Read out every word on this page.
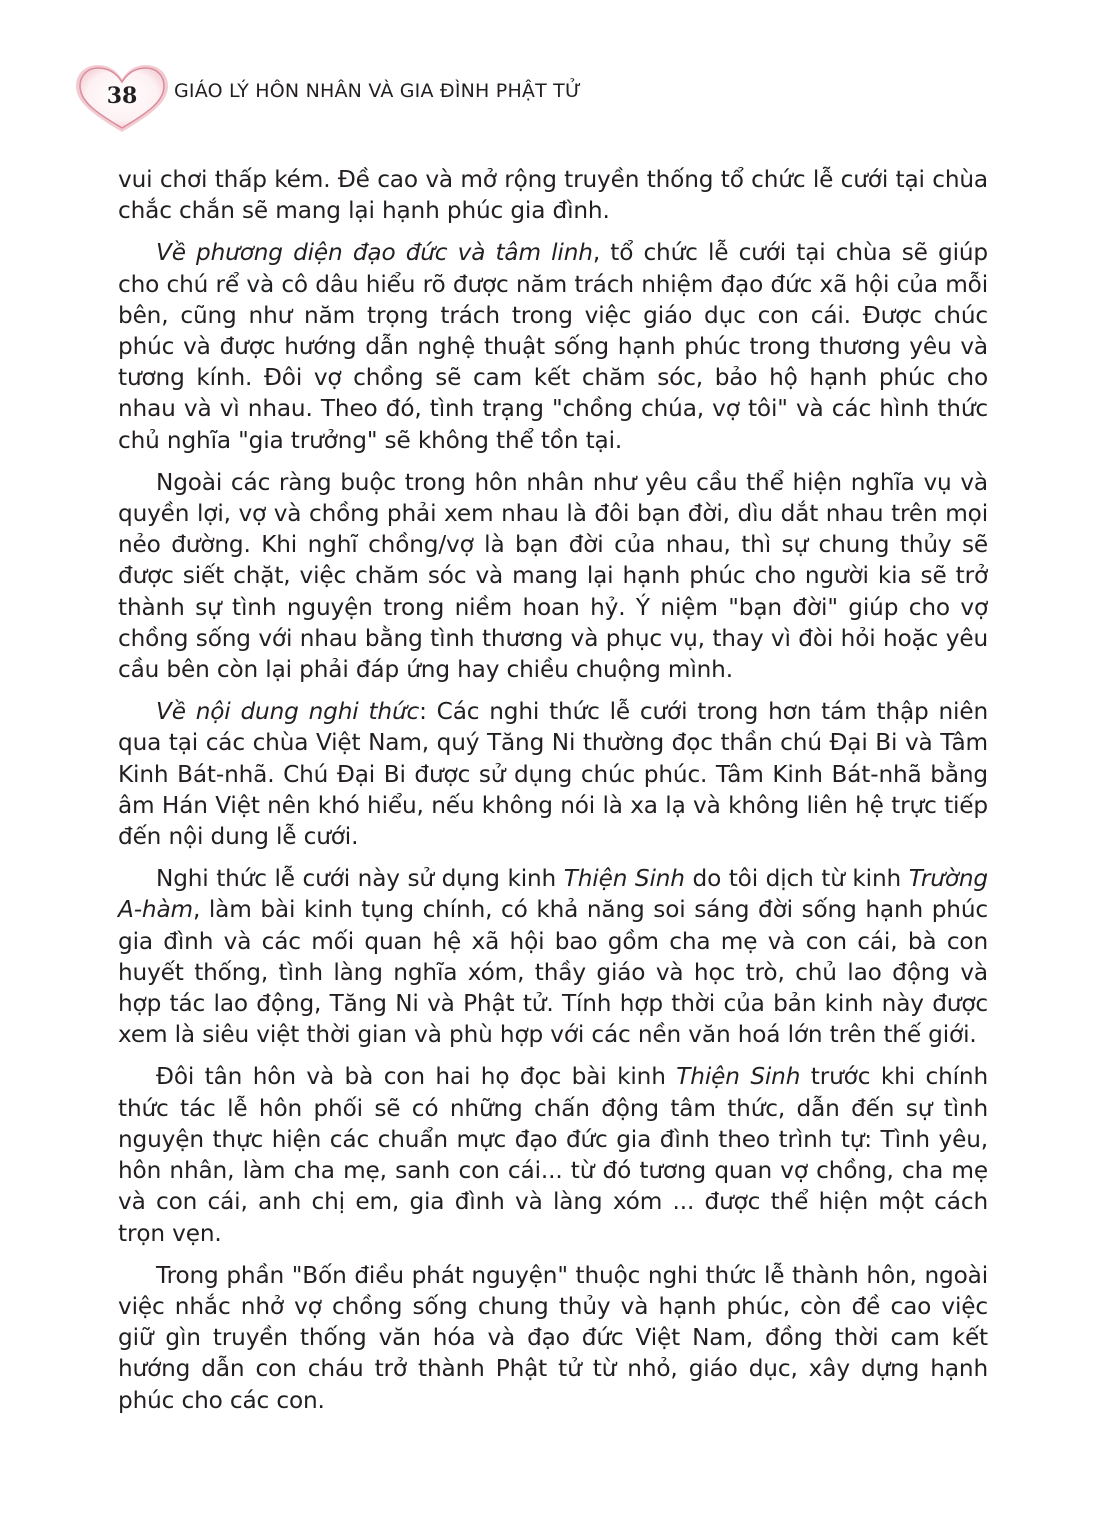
38	GIÁO LÝ HÔN NHÂN VÀ GIA ĐÌNH PHẬT TỬ

vui chơi thấp kém. Đề cao và mở rộng truyền thống tổ chức lễ cưới tại chùa chắc chắn sẽ mang lại hạnh phúc gia đình.

Về phương diện đạo đức và tâm linh, tổ chức lễ cưới tại chùa sẽ giúp cho chú rể và cô dâu hiểu rõ được năm trách nhiệm đạo đức xã hội của mỗi bên, cũng như năm trọng trách trong việc giáo dục con cái. Được chúc phúc và được hướng dẫn nghệ thuật sống hạnh phúc trong thương yêu và tương kính. Đôi vợ chồng sẽ cam kết chăm sóc, bảo hộ hạnh phúc cho nhau và vì nhau. Theo đó, tình trạng "chồng chúa, vợ tôi" và các hình thức chủ nghĩa "gia trưởng" sẽ không thể tồn tại.

Ngoài các ràng buộc trong hôn nhân như yêu cầu thể hiện nghĩa vụ và quyền lợi, vợ và chồng phải xem nhau là đôi bạn đời, dìu dắt nhau trên mọi nẻo đường. Khi nghĩ chồng/vợ là bạn đời của nhau, thì sự chung thủy sẽ được siết chặt, việc chăm sóc và mang lại hạnh phúc cho người kia sẽ trở thành sự tình nguyện trong niềm hoan hỷ. Ý niệm "bạn đời" giúp cho vợ chồng sống với nhau bằng tình thương và phục vụ, thay vì đòi hỏi hoặc yêu cầu bên còn lại phải đáp ứng hay chiều chuộng mình.

Về nội dung nghi thức: Các nghi thức lễ cưới trong hơn tám thập niên qua tại các chùa Việt Nam, quý Tăng Ni thường đọc thần chú Đại Bi và Tâm Kinh Bát-nhã. Chú Đại Bi được sử dụng chúc phúc. Tâm Kinh Bát-nhã bằng âm Hán Việt nên khó hiểu, nếu không nói là xa lạ và không liên hệ trực tiếp đến nội dung lễ cưới.

Nghi thức lễ cưới này sử dụng kinh Thiện Sinh do tôi dịch từ kinh Trường A-hàm, làm bài kinh tụng chính, có khả năng soi sáng đời sống hạnh phúc gia đình và các mối quan hệ xã hội bao gồm cha mẹ và con cái, bà con huyết thống, tình làng nghĩa xóm, thầy giáo và học trò, chủ lao động và hợp tác lao động, Tăng Ni và Phật tử. Tính hợp thời của bản kinh này được xem là siêu việt thời gian và phù hợp với các nền văn hoá lớn trên thế giới.

Đôi tân hôn và bà con hai họ đọc bài kinh Thiện Sinh trước khi chính thức tác lễ hôn phối sẽ có những chấn động tâm thức, dẫn đến sự tình nguyện thực hiện các chuẩn mực đạo đức gia đình theo trình tự: Tình yêu, hôn nhân, làm cha mẹ, sanh con cái... từ đó tương quan vợ chồng, cha mẹ và con cái, anh chị em, gia đình và làng xóm ... được thể hiện một cách trọn vẹn.

Trong phần "Bốn điều phát nguyện" thuộc nghi thức lễ thành hôn, ngoài việc nhắc nhở vợ chồng sống chung thủy và hạnh phúc, còn đề cao việc giữ gìn truyền thống văn hóa và đạo đức Việt Nam, đồng thời cam kết hướng dẫn con cháu trở thành Phật tử từ nhỏ, giáo dục, xây dựng hạnh phúc cho các con.
